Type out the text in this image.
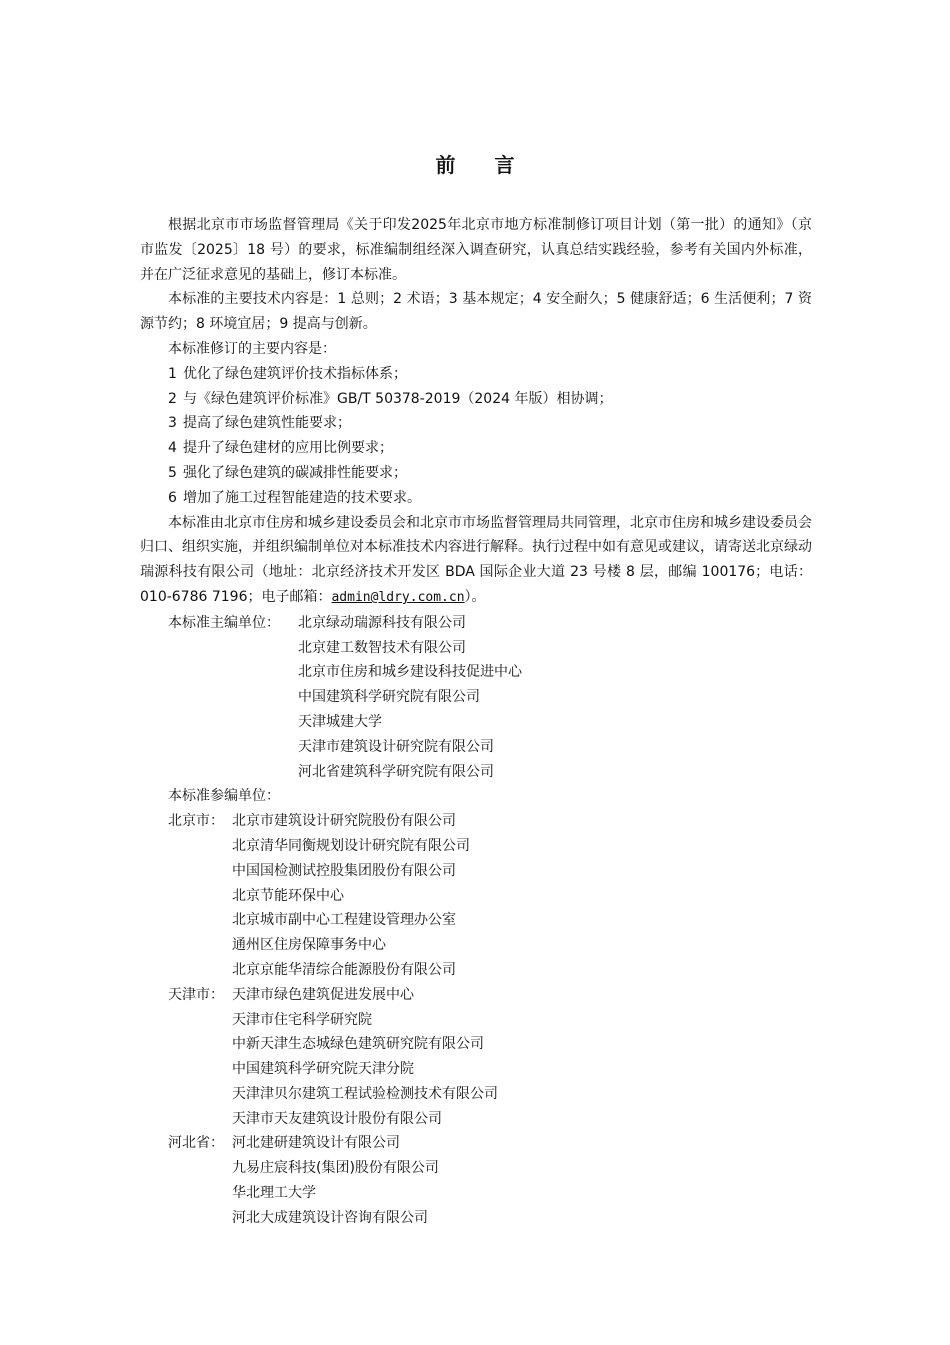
前 言

根据北京市市场监督管理局《关于印发2025年北京市地方标准制修订项目计划（第一批）的通知》（京市监发〔2025〕18 号）的要求，标准编制组经深入调查研究，认真总结实践经验，参考有关国内外标准，并在广泛征求意见的基础上，修订本标准。

本标准的主要技术内容是：1 总则；2 术语；3 基本规定；4 安全耐久；5 健康舒适；6 生活便利；7 资源节约；8 环境宜居；9 提高与创新。

本标准修订的主要内容是：

1 优化了绿色建筑评价技术指标体系；

2 与《绿色建筑评价标准》GB/T 50378-2019（2024 年版）相协调；

3 提高了绿色建筑性能要求；

4 提升了绿色建材的应用比例要求；

5 强化了绿色建筑的碳减排性能要求；

6 增加了施工过程智能建造的技术要求。

本标准由北京市住房和城乡建设委员会和北京市市场监督管理局共同管理，北京市住房和城乡建设委员会归口、组织实施，并组织编制单位对本标准技术内容进行解释。执行过程中如有意见或建议，请寄送北京绿动瑞源科技有限公司（地址：北京经济技术开发区 BDA 国际企业大道 23 号楼 8 层，邮编 100176；电话：010-6786 7196；电子邮箱：admin@ldry.com.cn）。

本标准主编单位： 北京绿动瑞源科技有限公司

北京建工数智技术有限公司

北京市住房和城乡建设科技促进中心

中国建筑科学研究院有限公司

天津城建大学

天津市建筑设计研究院有限公司

河北省建筑科学研究院有限公司

本标准参编单位：

北京市： 北京市建筑设计研究院股份有限公司

北京清华同衡规划设计研究院有限公司

中国国检测试控股集团股份有限公司

北京节能环保中心

北京城市副中心工程建设管理办公室

通州区住房保障事务中心

北京京能华清综合能源股份有限公司

天津市： 天津市绿色建筑促进发展中心

天津市住宅科学研究院

中新天津生态城绿色建筑研究院有限公司

中国建筑科学研究院天津分院

天津津贝尔建筑工程试验检测技术有限公司

天津市天友建筑设计股份有限公司

河北省： 河北建研建筑设计有限公司

九易庄宸科技(集团)股份有限公司

华北理工大学

河北大成建筑设计咨询有限公司
